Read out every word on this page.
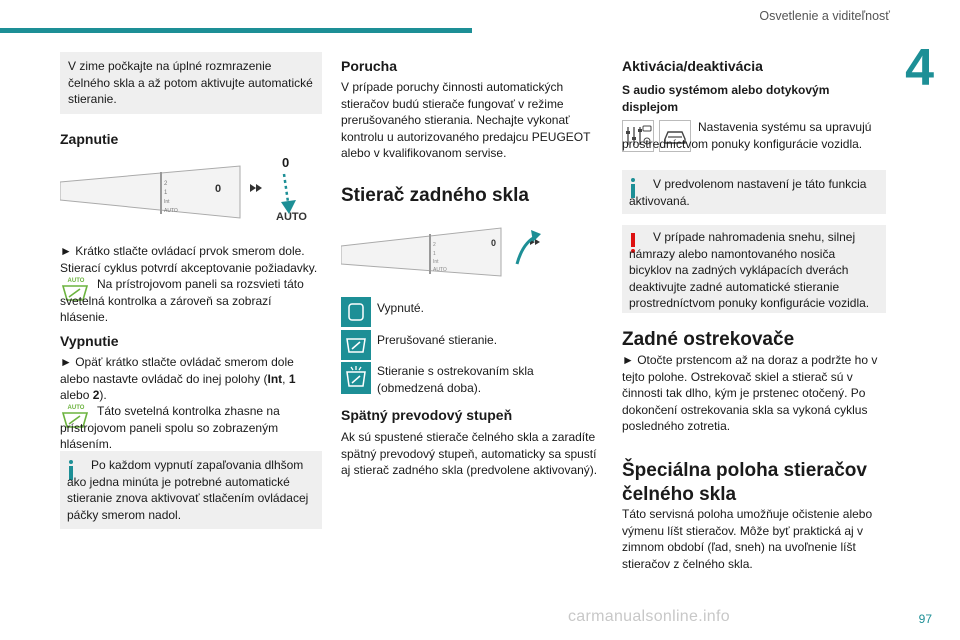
Osvetlenie a viditeľnosť
4
V zime počkajte na úplné rozmrazenie čelného skla a až potom aktivujte automatické stieranie.
Zapnutie
2
1
Int
AUTO
0
0
AUTO
► Krátko stlačte ovládací prvok smerom dole. Stierací cyklus potvrdí akceptovanie požiadavky.
AUTO	Na prístrojovom paneli sa rozsvieti táto svetelná kontrolka a zároveň sa zobrazí hlásenie.
Vypnutie
► Opäť krátko stlačte ovládač smerom dole alebo nastavte ovládač do inej polohy (Int, 1 alebo 2).
AUTO	Táto svetelná kontrolka zhasne na prístrojovom paneli spolu so zobrazeným hlásením.
Po každom vypnutí zapaľovania dlhšom ako jedna minúta je potrebné automatické stieranie znova aktivovať stlačením ovládacej páčky smerom nadol.
Porucha
V prípade poruchy činnosti automatických stieračov budú stierače fungovať v režime prerušovaného stierania. Nechajte vykonať kontrolu u autorizovaného predajcu PEUGEOT alebo v kvalifikovanom servise.
Stierač zadného skla
2
1
Int
AUTO
0
Vypnuté.
Prerušované stieranie.
Stieranie s ostrekovaním skla (obmedzená doba).
Spätný prevodový stupeň
Ak sú spustené stierače čelného skla a zaradíte spätný prevodový stupeň, automaticky sa spustí aj stierač zadného skla (predvolene aktivovaný).
Aktivácia/deaktivácia
S audio systémom alebo dotykovým displejom
Nastavenia systému sa upravujú prostredníctvom ponuky konfigurácie vozidla.
V predvolenom nastavení je táto funkcia aktivovaná.
V prípade nahromadenia snehu, silnej námrazy alebo namontovaného nosiča bicyklov na zadných vyklápacích dverách deaktivujte zadné automatické stieranie prostredníctvom ponuky konfigurácie vozidla.
Zadné ostrekovače
► Otočte prstencom až na doraz a podržte ho v tejto polohe. Ostrekovač skiel a stierač sú v činnosti tak dlho, kým je prstenec otočený. Po dokončení ostrekovania skla sa vykoná cyklus posledného zotretia.
Špeciálna poloha stieračov čelného skla
Táto servisná poloha umožňuje očistenie alebo výmenu líšt stieračov. Môže byť praktická aj v zimnom období (ľad, sneh) na uvoľnenie líšt stieračov z čelného skla.
carmanualsonline.info	97
